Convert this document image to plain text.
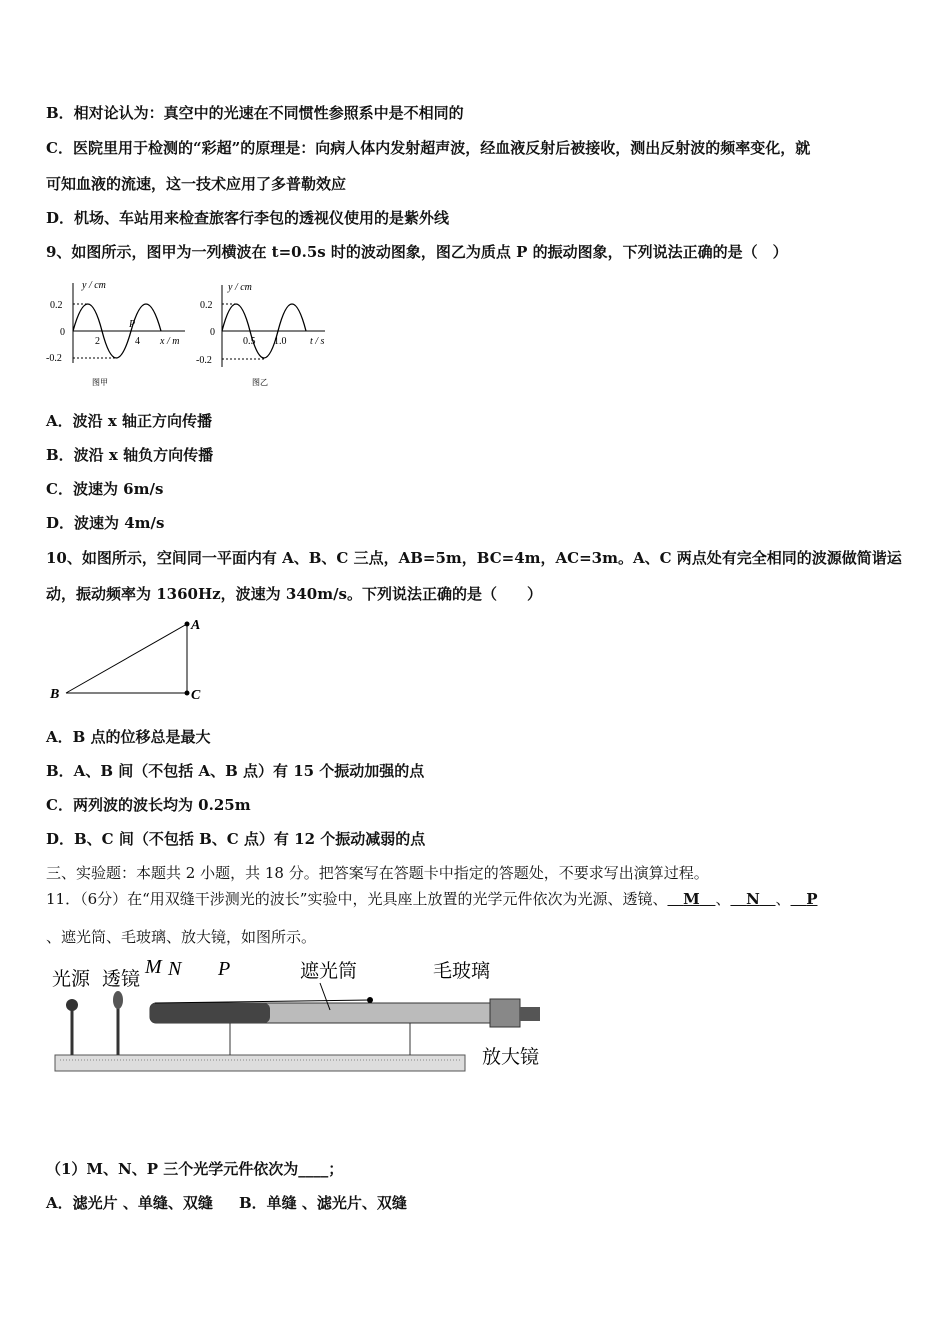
B．相对论认为：真空中的光速在不同惯性参照系中是不相同的
C．医院里用于检测的“彩超”的原理是：向病人体内发射超声波，经血液反射后被接收，测出反射波的频率变化，就
可知血液的流速，这一技术应用了多普勒效应
D．机场、车站用来检查旅客行李包的透视仪使用的是紫外线
9、如图所示，图甲为一列横波在 t=0.5s 时的波动图象，图乙为质点 P 的振动图象，下列说法正确的是（　）
y / cm
0.2
0
-0.2
2	4 x / m
P
图甲
y / cm
0.2
0
-0.2
0.5 1.0 t / s
图乙
A．波沿 x 轴正方向传播
B．波沿 x 轴负方向传播
C．波速为 6m/s
D．波速为 4m/s
10、如图所示，空间同一平面内有 A、B、C 三点，AB=5m，BC=4m，AC=3m。A、C 两点处有完全相同的波源做简谐运
动，振动频率为 1360Hz，波速为 340m/s。下列说法正确的是（　　）
A
B	C
A．B 点的位移总是最大
B．A、B 间（不包括 A、B 点）有 15 个振动加强的点
C．两列波的波长均为 0.25m
D．B、C 间（不包括 B、C 点）有 12 个振动减弱的点
三、实验题：本题共 2 小题，共 18 分。把答案写在答题卡中指定的答题处，不要求写出演算过程。
11．（6分）在“用双缝干涉测光的波长”实验中，光具座上放置的光学元件依次为光源、透镜、 M 、 N 、 P
、遮光筒、毛玻璃、放大镜，如图所示。
光源 透镜	遮光筒	毛玻璃
放大镜
M N P
（1）M、N、P 三个光学元件依次为____；
A．滤光片 、单缝、双缝 B．单缝 、滤光片、双缝
